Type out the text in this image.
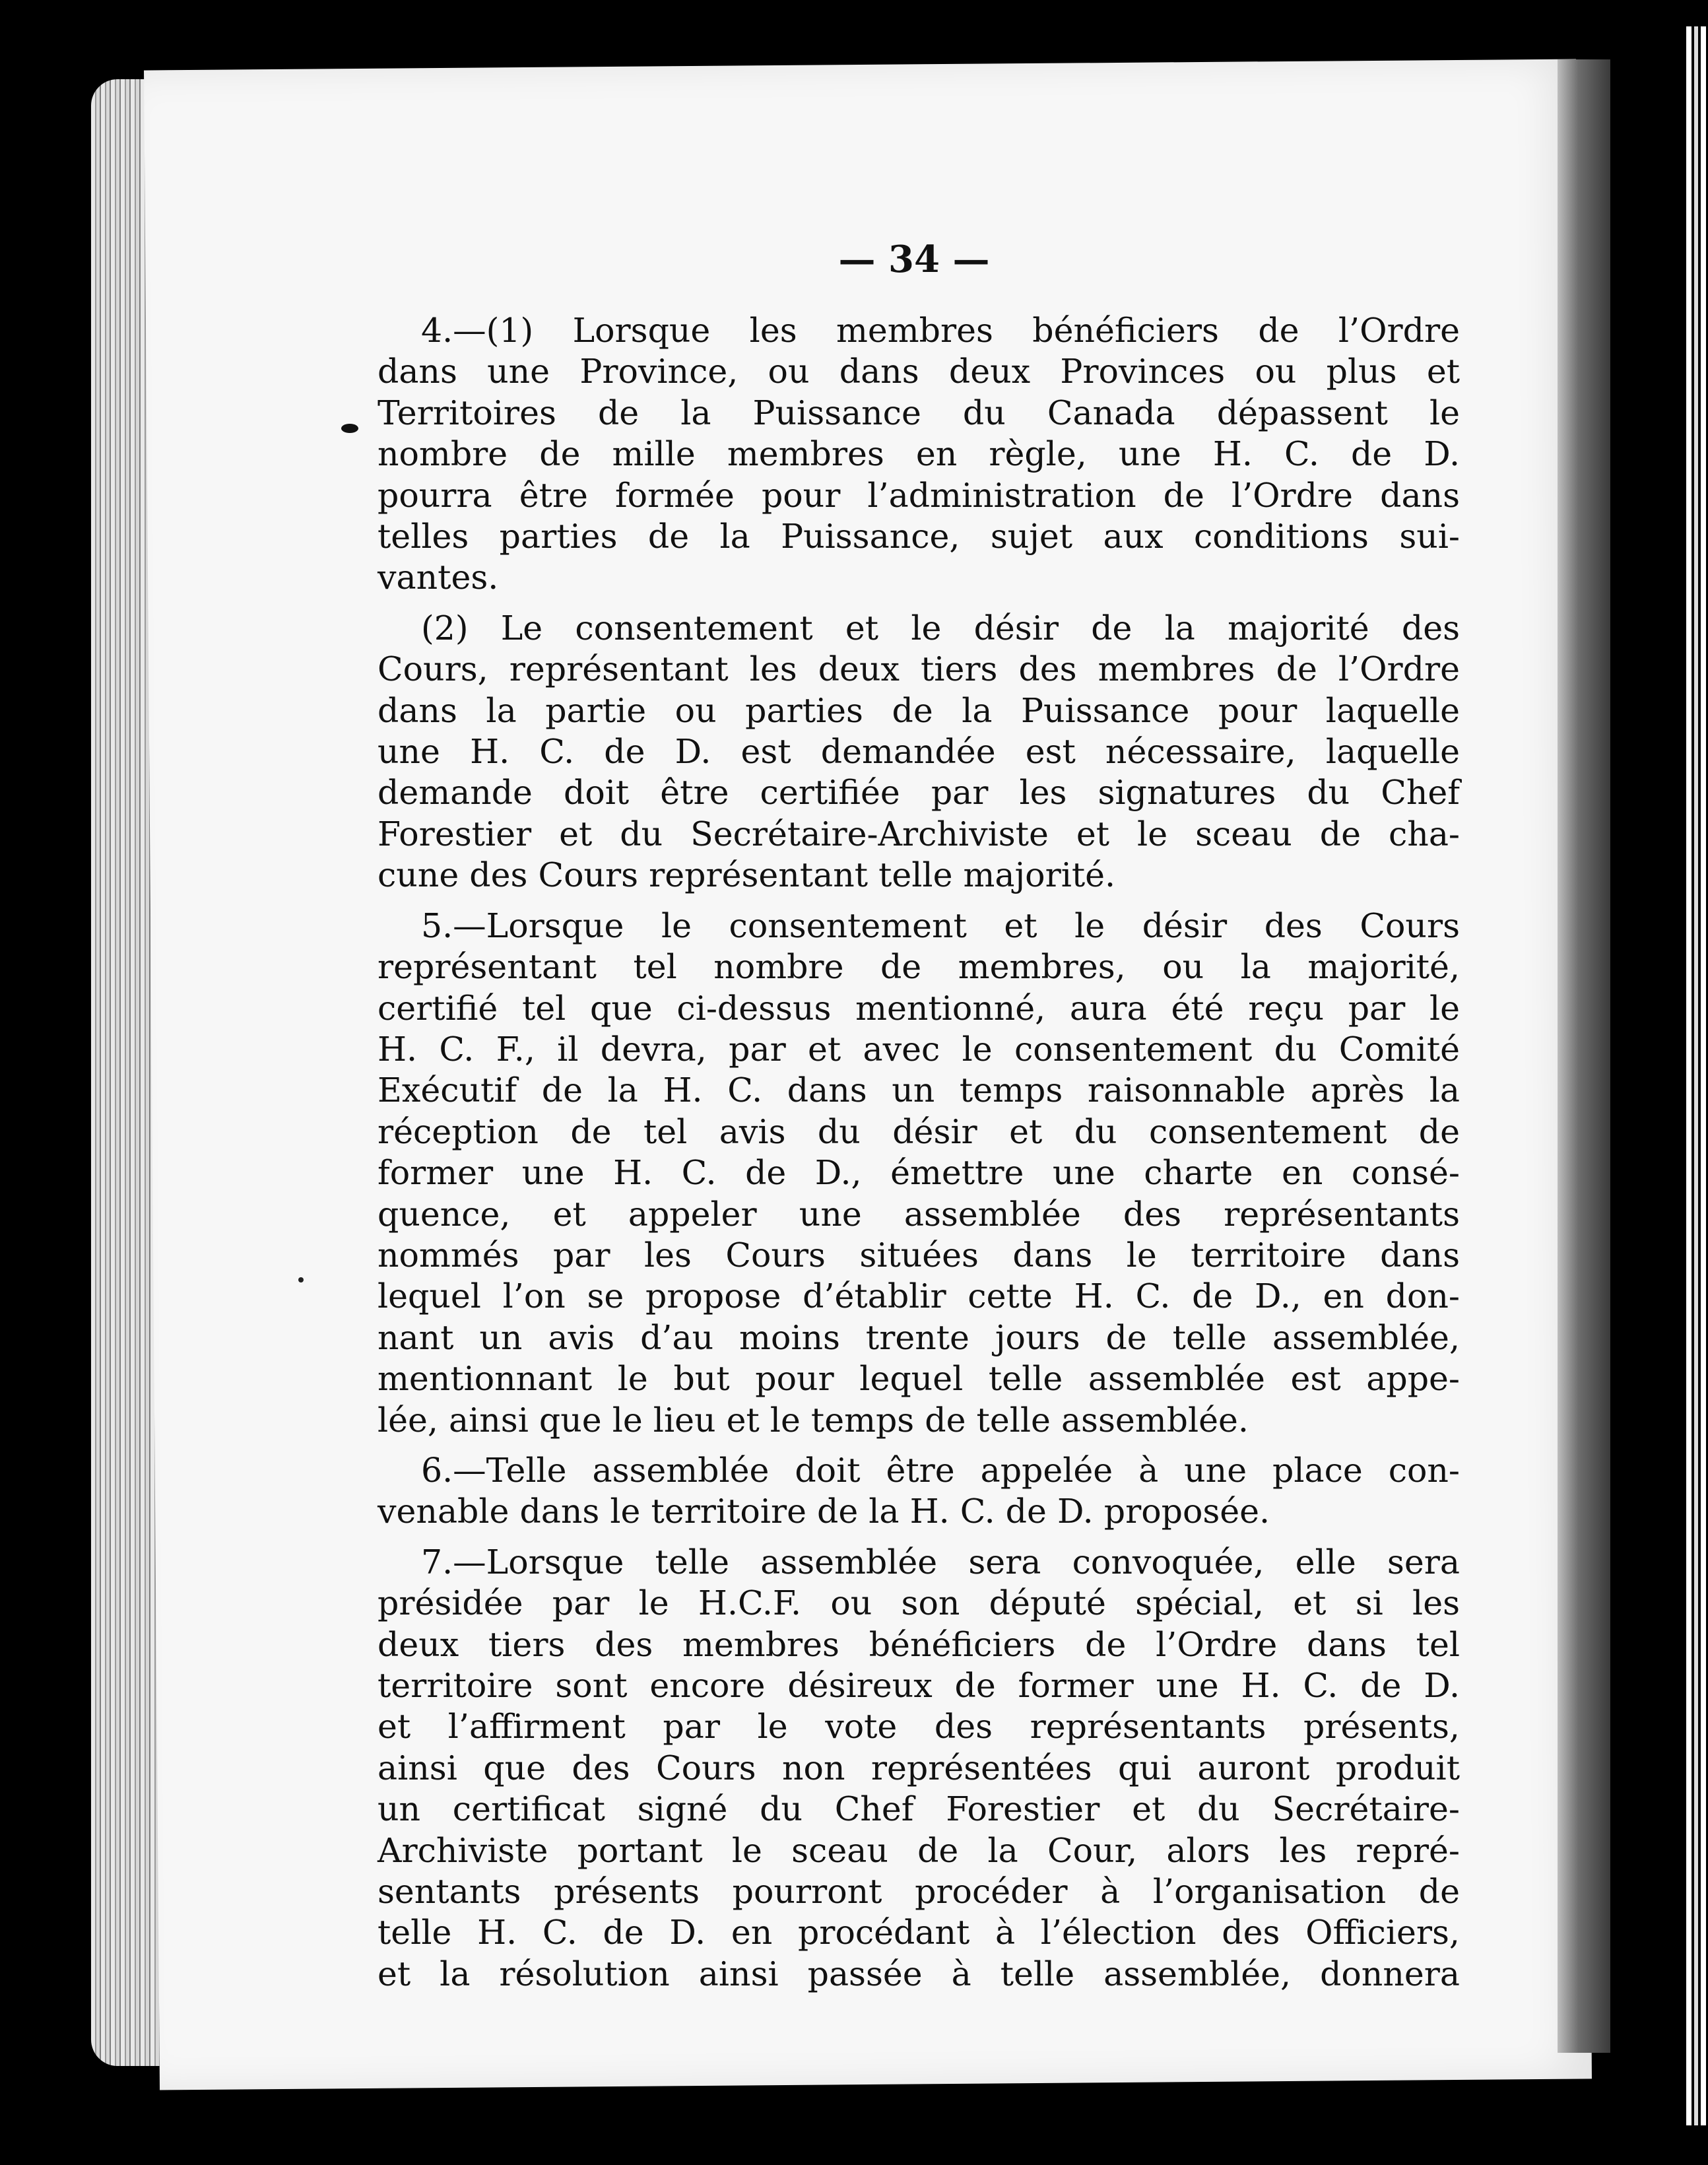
— 34 —
4.—(1) Lorsque les membres bénéficiers de l’Ordre
dans une Province, ou dans deux Provinces ou plus et
Territoires de la Puissance du Canada dépassent le
nombre de mille membres en règle, une H. C. de D.
pourra être formée pour l’administration de l’Ordre dans
telles parties de la Puissance, sujet aux conditions sui-
vantes.
(2) Le consentement et le désir de la majorité des
Cours, représentant les deux tiers des membres de l’Ordre
dans la partie ou parties de la Puissance pour laquelle
une H. C. de D. est demandée est nécessaire, laquelle
demande doit être certifiée par les signatures du Chef
Forestier et du Secrétaire-Archiviste et le sceau de cha-
cune des Cours représentant telle majorité.
5.—Lorsque le consentement et le désir des Cours
représentant tel nombre de membres, ou la majorité,
certifié tel que ci-dessus mentionné, aura été reçu par le
H. C. F., il devra, par et avec le consentement du Comité
Exécutif de la H. C. dans un temps raisonnable après la
réception de tel avis du désir et du consentement de
former une H. C. de D., émettre une charte en consé-
quence, et appeler une assemblée des représentants
nommés par les Cours situées dans le territoire dans
lequel l’on se propose d’établir cette H. C. de D., en don-
nant un avis d’au moins trente jours de telle assemblée,
mentionnant le but pour lequel telle assemblée est appe-
lée, ainsi que le lieu et le temps de telle assemblée.
6.—Telle assemblée doit être appelée à une place con-
venable dans le territoire de la H. C. de D. proposée.
7.—Lorsque telle assemblée sera convoquée, elle sera
présidée par le H.C.F. ou son député spécial, et si les
deux tiers des membres bénéficiers de l’Ordre dans tel
territoire sont encore désireux de former une H. C. de D.
et l’affirment par le vote des représentants présents,
ainsi que des Cours non représentées qui auront produit
un certificat signé du Chef Forestier et du Secrétaire-
Archiviste portant le sceau de la Cour, alors les repré-
sentants présents pourront procéder à l’organisation de
telle H. C. de D. en procédant à l’élection des Officiers,
et la résolution ainsi passée à telle assemblée, donnera
